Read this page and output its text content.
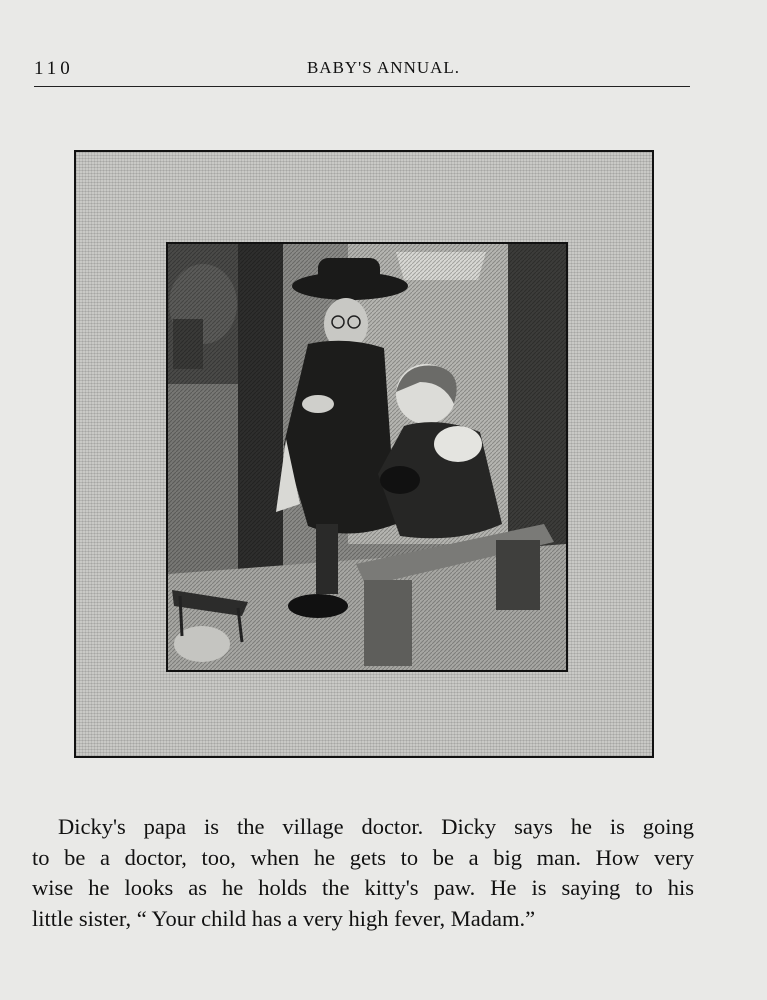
110	BABY'S ANNUAL.

Dicky's papa is the village doctor. Dicky says he is going
to be a doctor, too, when he gets to be a big man. How very
wise he looks as he holds the kitty's paw. He is saying to his
little sister, “ Your child has a very high fever, Madam.”
